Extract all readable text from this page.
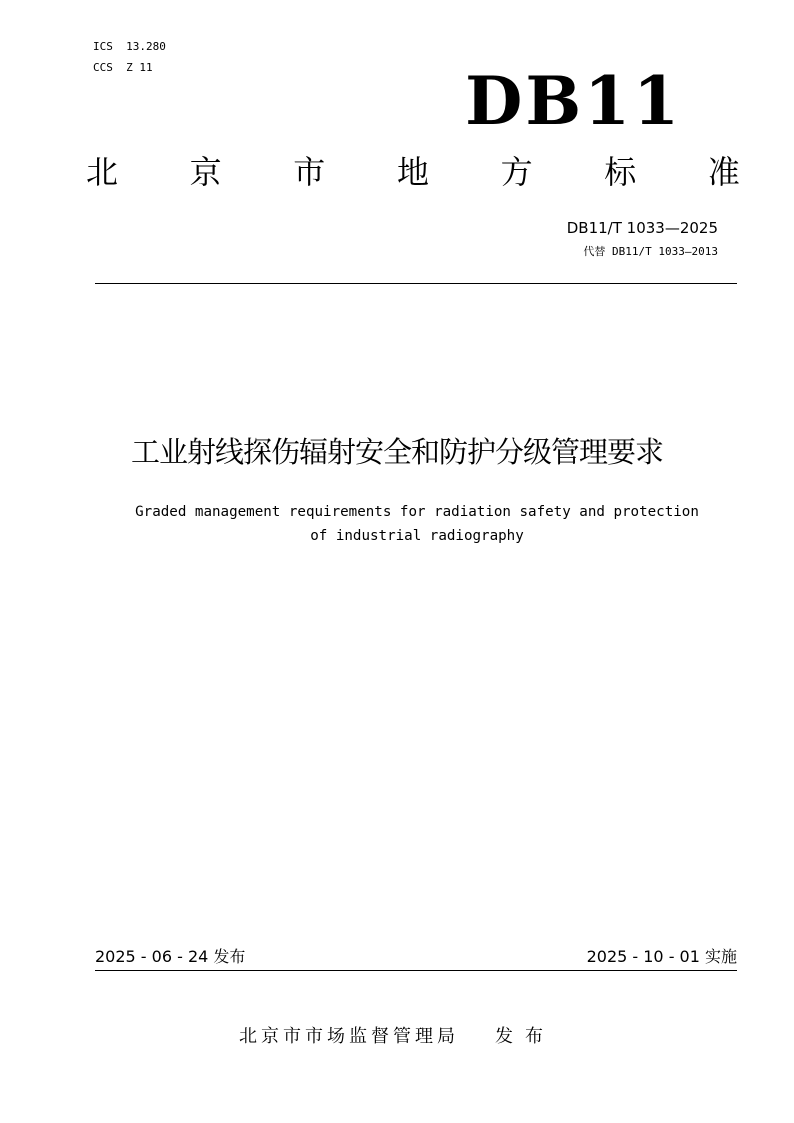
ICS  13.280
CCS  Z 11	DB11
北 京 市 地 方 标 准
DB11/T 1033—2025
代替 DB11/T 1033—2013
工业射线探伤辐射安全和防护分级管理要求
Graded management requirements for radiation safety and protection
of industrial radiography
2025 - 06 - 24 发布	2025 - 10 - 01 实施
北京市市场监督管理局 发布
